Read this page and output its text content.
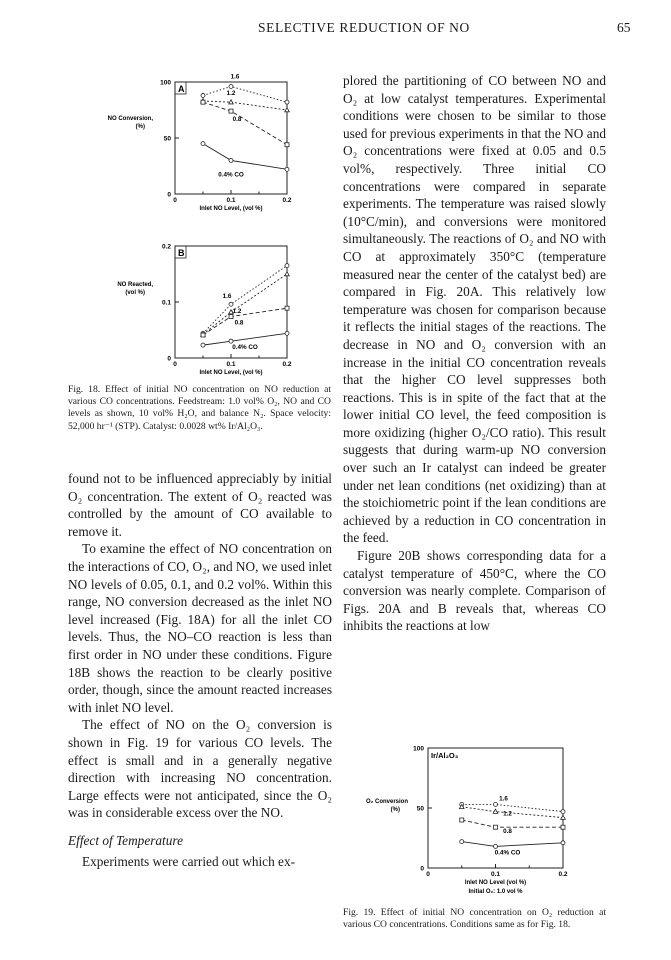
SELECTIVE REDUCTION OF NO	65
A
0	0.1	0.2
0
50
100
Inlet NO Level, (vol %)
NO Conversion,
(%)
1.6
1.2
0.8
0.4% CO
B
0	0.1	0.2
0
0.1
0.2
Inlet NO Level, (vol %)
NO Reacted,
(vol %)
1.6
1.2
0.8
0.4% CO
Fig. 18. Effect of initial NO concentration on NO reduction at various CO concentrations. Feedstream: 1.0 vol% O₂, NO and CO levels as shown, 10 vol% H₂O, and balance N₂. Space velocity: 52,000 hr⁻¹ (STP). Catalyst: 0.0028 wt% Ir/Al₂O₃.
Ir/Al₂O₃
0	0.1	0.2
0
50
100
Inlet NO Level (vol %)
Initial O₂: 1.0 vol %
O₂ Conversion
(%)
1.6
1.2
0.8
0.4% CO
Fig. 19. Effect of initial NO concentration on O₂ reduction at various CO concentrations. Conditions same as for Fig. 18.

found not to be influenced appreciably by initial O₂ concentration. The extent of O₂ reacted was controlled by the amount of CO available to remove it.

To examine the effect of NO concentration on the interactions of CO, O₂, and NO, we used inlet NO levels of 0.05, 0.1, and 0.2 vol%. Within this range, NO conversion decreased as the inlet NO level increased (Fig. 18A) for all the inlet CO levels. Thus, the NO–CO reaction is less than first order in NO under these conditions. Figure 18B shows the reaction to be clearly positive order, though, since the amount reacted increases with inlet NO level.

The effect of NO on the O₂ conversion is shown in Fig. 19 for various CO levels. The effect is small and in a generally negative direction with increasing NO concentration. Large effects were not anticipated, since the O₂ was in considerable excess over the NO.

Effect of Temperature

Experiments were carried out which ex-

plored the partitioning of CO between NO and O₂ at low catalyst temperatures. Experimental conditions were chosen to be similar to those used for previous experiments in that the NO and O₂ concentrations were fixed at 0.05 and 0.5 vol%, respectively. Three initial CO concentrations were compared in separate experiments. The temperature was raised slowly (10°C/min), and conversions were monitored simultaneously. The reactions of O₂ and NO with CO at approximately 350°C (temperature measured near the center of the catalyst bed) are compared in Fig. 20A. This relatively low temperature was chosen for comparison because it reflects the initial stages of the reactions. The decrease in NO and O₂ conversion with an increase in the initial CO concentration reveals that the higher CO level suppresses both reactions. This is in spite of the fact that at the lower initial CO level, the feed composition is more oxidizing (higher O₂/CO ratio). This result suggests that during warm-up NO conversion over such an Ir catalyst can indeed be greater under net lean conditions (net oxidizing) than at the stoichiometric point if the lean conditions are achieved by a reduction in CO concentration in the feed.

Figure 20B shows corresponding data for a catalyst temperature of 450°C, where the CO conversion was nearly complete. Comparison of Figs. 20A and B reveals that, whereas CO inhibits the reactions at low
